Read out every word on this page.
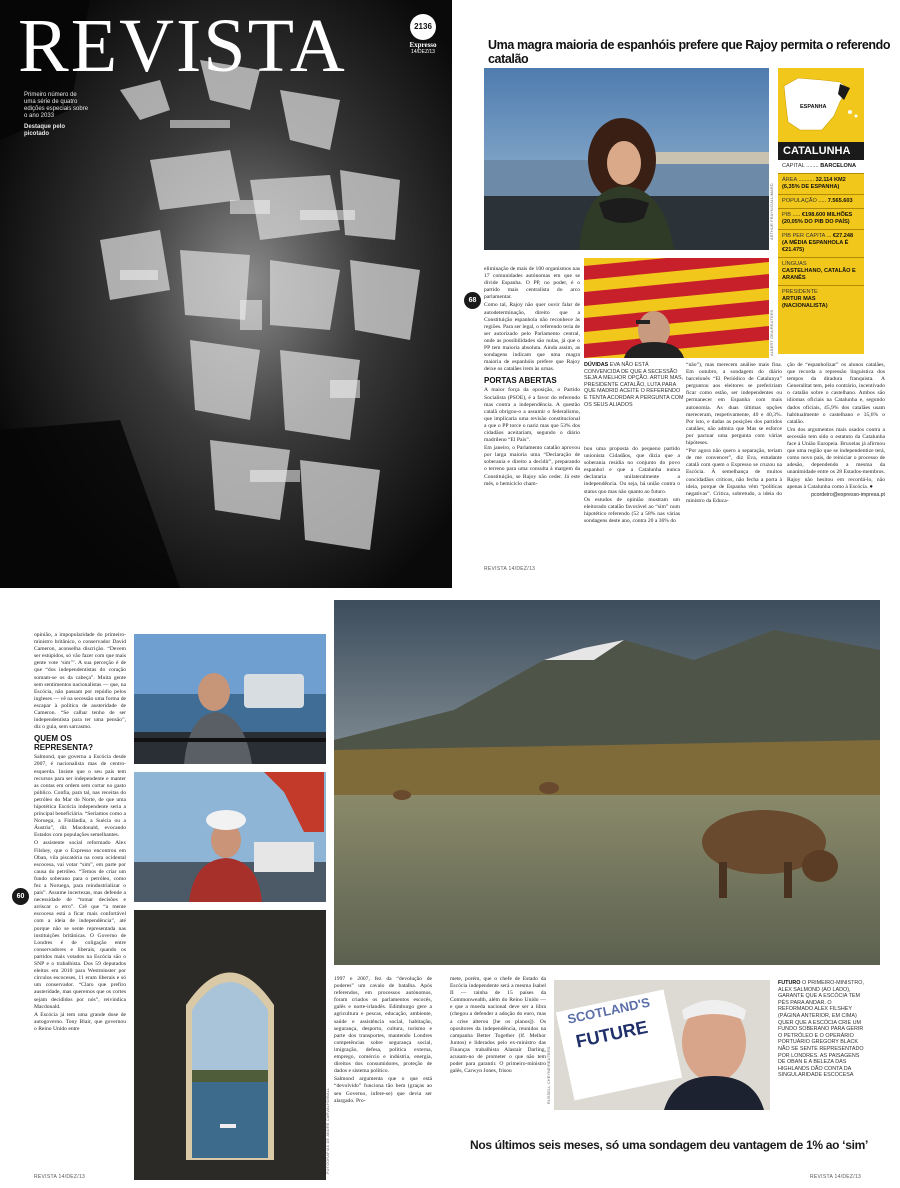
REVISTA	2136
Expresso
14/DEZ/13
Primeiro número de uma série de quatro edições especiais sobre o ano 2033
Destaque pelo picotado
Uma magra maioria de espanhóis prefere que Rajoy permita o referendo catalão
ARTHUR FRAYN/GALLIMARD
ALBERT GEA/REUTERS
DÚVIDAS EVA NÃO ESTÁ CONVENCIDA DE QUE A SECESSÃO SEJA A MELHOR OPÇÃO. ARTUR MAS, PRESIDENTE CATALÃO, LUTA PARA QUE MADRID ACEITE O REFERENDO E TENTA ACORDAR A PERGUNTA COM OS SEUS ALIADOS
68

eliminação de mais de 100 organismos nas 17 comunidades autónomas em que se divide Espanha. O PP, no poder, é o partido mais centralista do arco parlamentar.

Como tal, Rajoy não quer ouvir falar de autodeterminação, direito que a Constituição espanhola não reconhece às regiões. Para ser legal, o referendo teria de ser autorizado pelo Parlamento central, onde as possibilidades são nulas, já que o PP tem maioria absoluta. Ainda assim, as sondagens indicam que uma magra maioria de espanhóis prefere que Rajoy deixe os catalães irem às urnas.

PORTAS ABERTAS

A maior força da oposição, o Partido Socialista (PSOE), é a favor do referendo mas contra a independência. A questão catalã obrigou-o a assumir o federalismo, que implicaria uma revisão constitucional a que o PP torce o nariz mas que 53% dos cidadãos aceitariam, segundo o diário madrileno “El País”.

Em janeiro, o Parlamento catalão aprovou por larga maioria uma “Declaração de soberania e direito a decidir”, preparando o terreno para uma consulta à margem da Constituição, se Rajoy não ceder. Já este mês, o hemiciclo cham-

bou uma proposta do pequeno partido unionista Cidadãos, que dizia que a soberania residia no conjunto do povo espanhol e que a Catalunha nunca declararia unilateralmente a independência. Ou seja, há união contra o status quo mas não quanto ao futuro.

Os estudos de opinião mostram um eleitorado catalão favorável ao “sim” num hipotético referendo (52 a 58% nas várias sondagens deste ano, contra 20 a 36% do

“não”), mas merecem análise mais fina. Em outubro, a sondagem do diário barcelonês “El Periódico de Catalunya” perguntou aos eleitores se prefeririam ficar como estão, ser independentes ou permanecer em Espanha com mais autonomia. As duas últimas opções mereceram, respetivamente, 40 e 40,3%. Por isto, e dadas as posições dos partidos catalães, não admira que Mas se esforce por pactuar uma pergunta com várias hipóteses.

“Por agora não quero a separação, teriam de me convencer”, diz Eva, estudante catalã com quem o Expresso se cruzou na Escócia. À semelhança de muitos concidadãos críticos, não fecha a porta à ideia, porque de Espanha vêm “políticas negativas”. Critica, sobretudo, a ideia do ministro da Educa-

ção de “espanholizar” os alunos catalães, que recorda a repressão linguística dos tempos da ditadura franquista. A Generalitat tem, pelo contrário, incentivado o catalão sobre o castelhano. Ambos são idiomas oficiais na Catalunha e, segundo dados oficiais, 45,9% dos catalães usam habitualmente o castelhano e 35,6% o catalão.

Um dos argumentos mais usados contra a secessão tem sido o estatuto da Catalunha face à União Europeia. Bruxelas já afirmou que uma região que se independentize terá, como novo país, de reiniciar o processo de adesão, dependendo a mesma da unanimidade entre os 28 Estados-membros. Rajoy não hesitou em recordá-lo, não apenas à Catalunha como à Escócia. ●

pcordeiro@expresso-impresa.pt

REVISTA 14/DEZ/13
ESPANHA
CATALUNHA
CAPITAL ........ BARCELONA
ÁREA .......... 32.114 KM2 (6,35% DE ESPANHA)
POPULAÇÃO ..... 7.565.603
PIB ..... €198.600 MILHÕES (20,05% DO PIB DO PAÍS)
PIB PER CAPITA ... €27.248 (A MÉDIA ESPANHOLA É €21.475)
LÍNGUAS
CASTELHANO, CATALÃO E ARANÊS
PRESIDENTE
ARTUR MAS (NACIONALISTA)

opinião, a impopularidade do primeiro-ministro britânico, o conservador David Cameron, aconselha discrição. “Devem ser estúpidos, só vão fazer com que mais gente vote ‘sim’”. A sua perceção é de que “dos independentistas do coração somam-se os da cabeça”. Muita gente sem sentimentos nacionalistas — que, na Escócia, não passam por repúdio pelos ingleses — vê na secessão uma forma de escapar à política de austeridade de Cameron. “Se calhar tenho de ser independentista para ter uma pensão”, diz o guia, sem sarcasmo.

QUEM OS REPRESENTA?

Salmond, que governa a Escócia desde 2007, é nacionalista mas de centro-esquerda. Insiste que o seu país tem recursos para ser independente e manter as contas em ordem sem cortar no gasto público. Confia, para tal, nas receitas do petróleo do Mar do Norte, de que uma hipotética Escócia independente seria a principal beneficiária. “Seríamos como a Noruega, a Finlândia, a Suécia ou a Áustria”, diz Macdonald, evocando Estados com populações semelhantes.

O assistente social reformado Alex Filshey, que o Expresso encontrou em Oban, vila piscatória na costa ocidental escocesa, vai votar “sim”, em parte por causa do petróleo. “Temos de criar um fundo soberano para o petróleo, como fez a Noruega, para reindustrializar o país”. Assume incertezas, mas defende a necessidade de “tomar decisões e arriscar o erro”. Crê que “a mente escocesa está a ficar mais confortável com a ideia de independência”, até porque não se sente representada nas instituições britânicas. O Governo de Londres é de coligação entre conservadores e liberais, quando os partidos mais votados na Escócia são o SNP e o trabalhista. Dos 59 deputados eleitos em 2010 para Westminster por círculos escoceses, 11 eram liberais e só um conservador. “Claro que prefiro austeridade, mas queremos que os cortes sejam decididos por nós”, reivindica Macdonald.

A Escócia já tem uma grande dose de autogoverno. Tony Blair, que governou o Reino Unido entre

60
FOTOGRAFIAS DE ANDRÉ CARVALHO/BALL

1997 e 2007, fez da “devolução de poderes” um cavalo de batalha. Após referendos, em processos autónomos, foram criados os parlamentos escocês, galês e norte-irlandês. Edimburgo gere a agricultura e pescas, educação, ambiente, saúde e assistência social, habitação, segurança, desporto, cultura, turismo e parte dos transportes, mantendo Londres competências sobre segurança social, imigração, defesa, política externa, emprego, comércio e indústria, energia, direitos dos consumidores, proteção de dados e sistema político.

Salmond argumenta que o que está “devolvido” funciona tão bem (graças ao seu Governo, infere-se) que devia ser alargado. Pro-

mete, porém, que o chefe de Estado da Escócia independente será a mesma Isabel II — rainha de 15 países da Commonwealth, além do Reino Unido — e que a moeda nacional deve ser a libra (chegou a defender a adoção do euro, mas a crise alterou [he os planos]). Os opositores da independência, reunidos na campanha Better Together (lf. Melhor Juntos) e liderados pelo ex-ministro das Finanças trabalhista Alastair Darling, acusam-no de prometer o que não tem poder para garantir. O primeiro-ministro galês, Carwyn Jones, frisou

SCOTLAND'S
FUTURE
RUSSELL CHEYNE/REUTERS
FUTURO O PRIMEIRO-MINISTRO, ALEX SALMOND (AO LADO), GARANTE QUE A ESCÓCIA TEM PÉS PARA ANDAR. O REFORMADO ALEX FILSHEY (PÁGINA ANTERIOR, EM CIMA) QUER QUE A ESCÓCIA CRIE UM FUNDO SOBERANO PARA GERIR O PETRÓLEO E O OPERÁRIO PORTUÁRIO GREGORY BLACK NÃO SE SENTE REPRESENTADO POR LONDRES. AS PAISAGENS DE OBAN E A BELEZA DAS HIGHLANDS DÃO CONTA DA SINGULARIDADE ESCOCESA
Nos últimos seis meses, só uma sondagem deu vantagem de 1% ao ‘sim’
REVISTA 14/DEZ/13	REVISTA 14/DEZ/13
